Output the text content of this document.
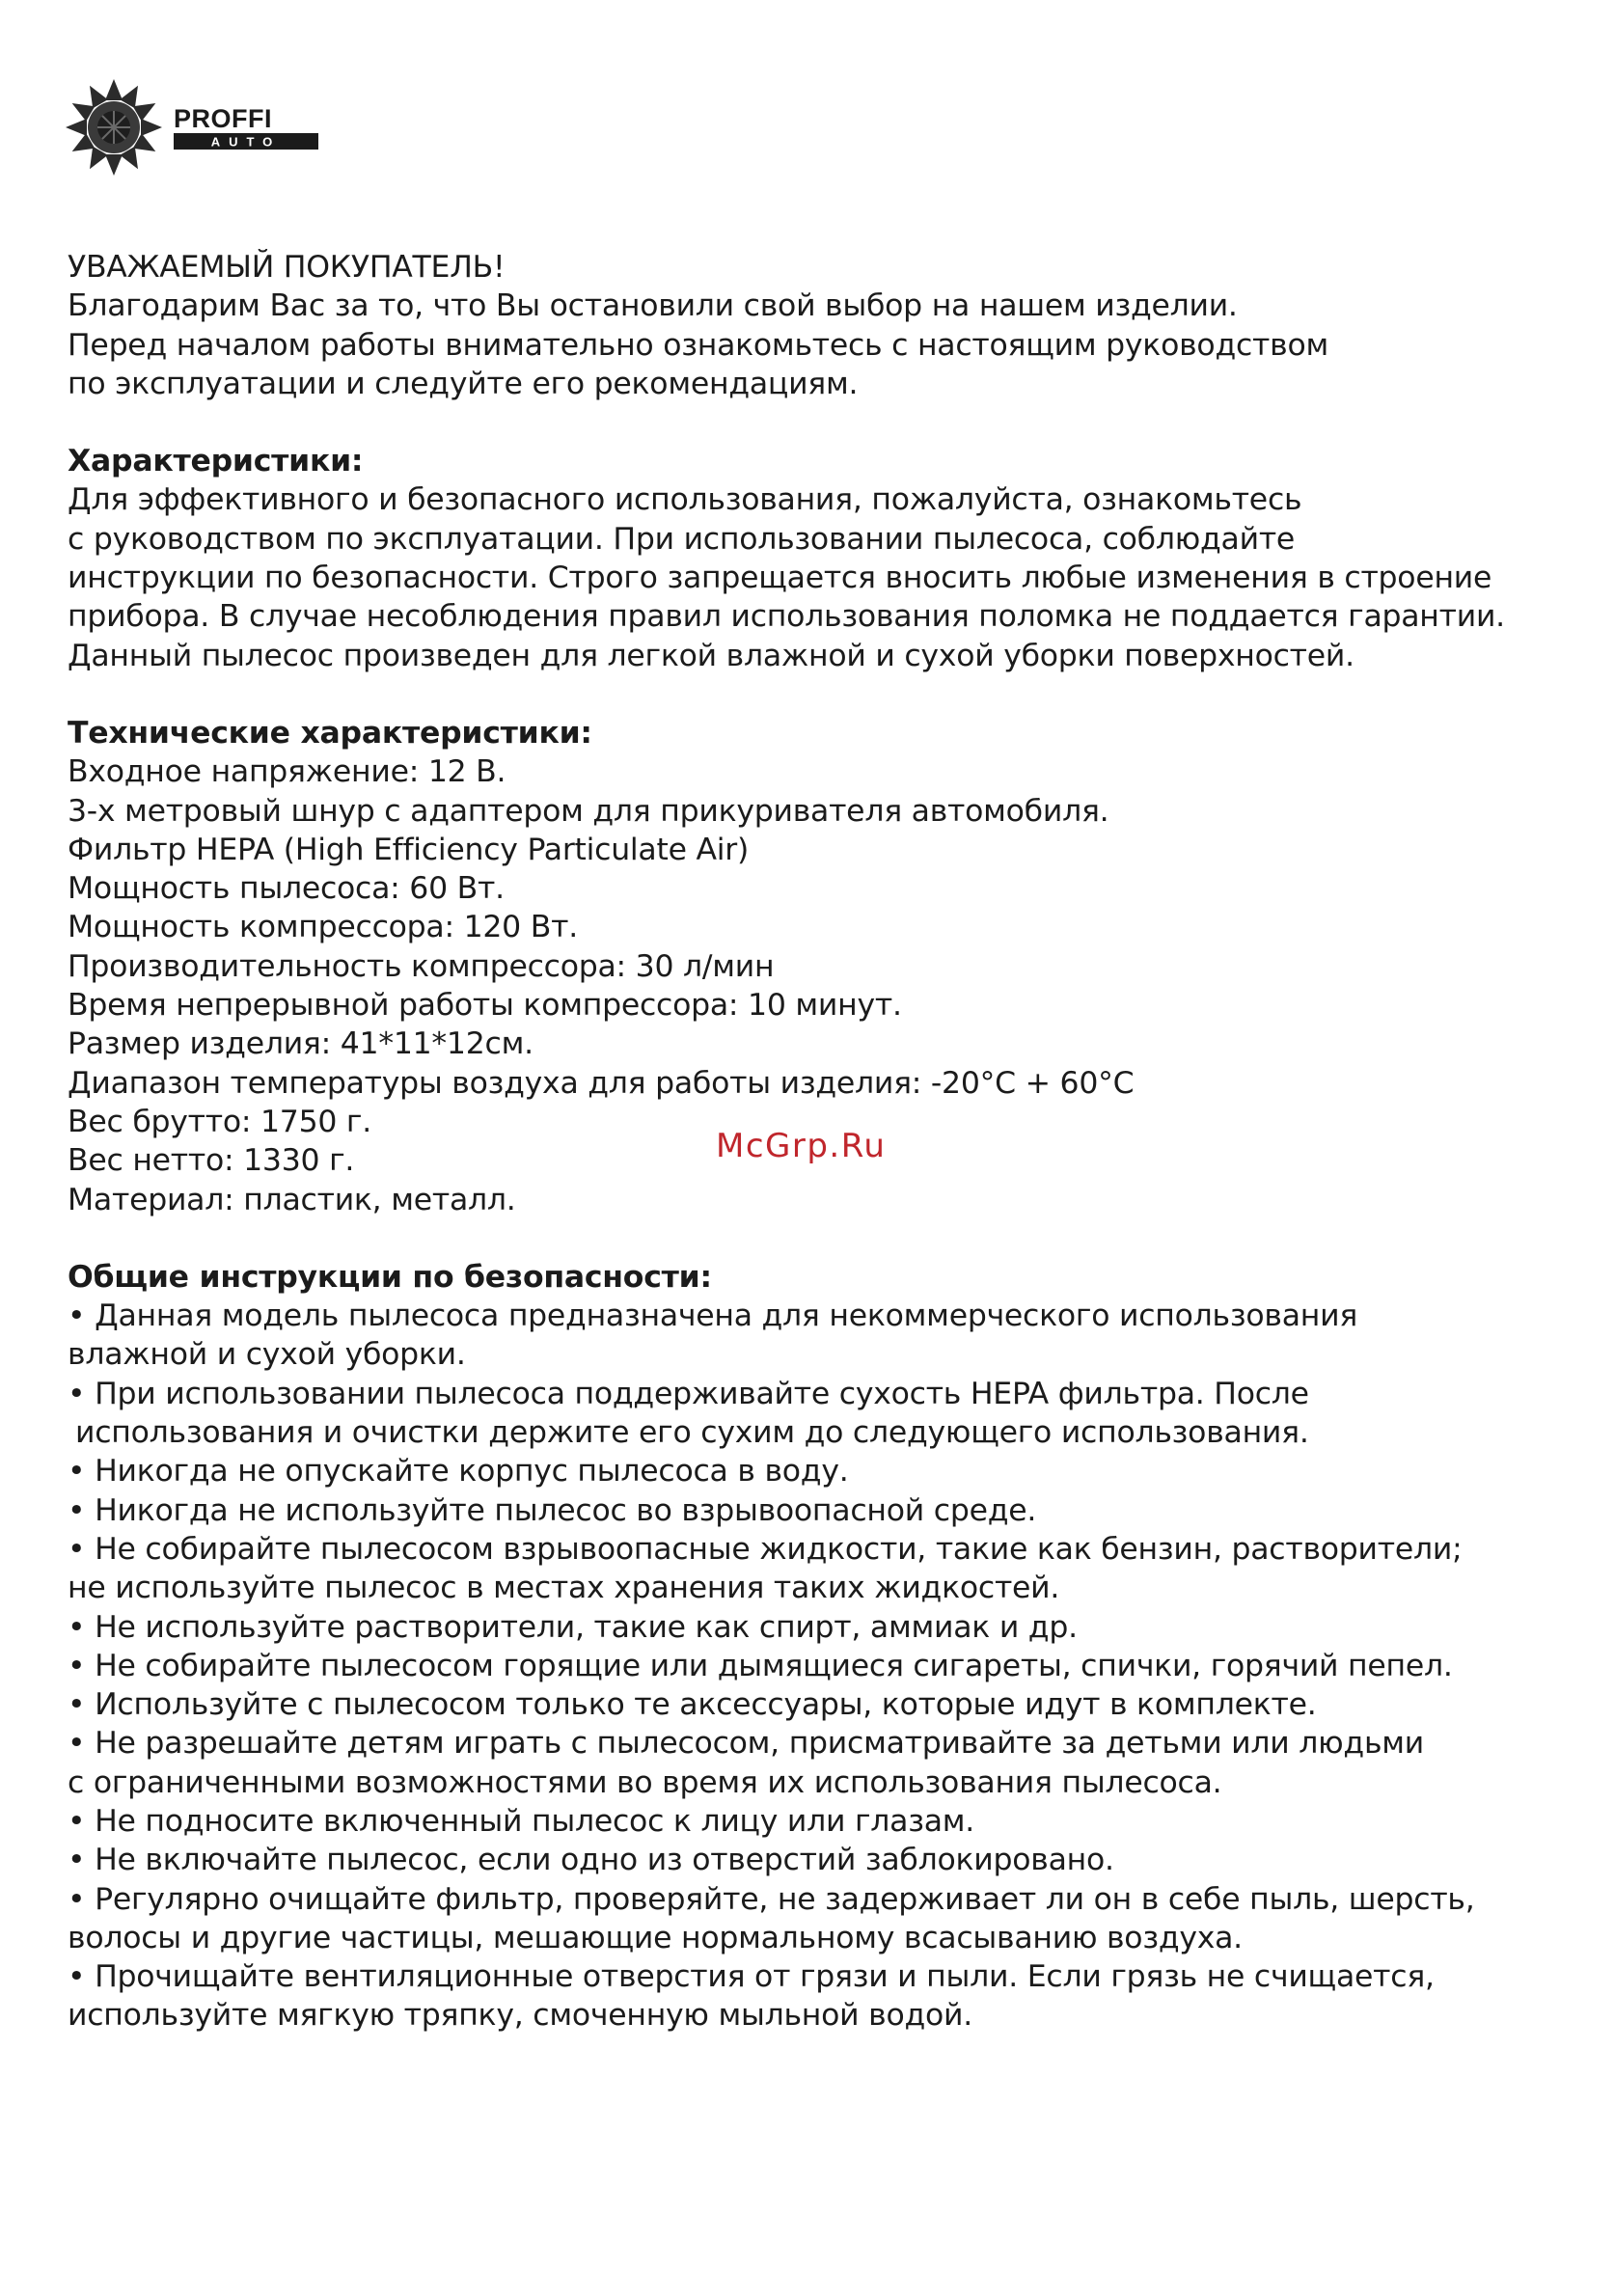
PROFFI
AUTO

УВАЖАЕМЫЙ ПОКУПАТЕЛЬ!

Благодарим Вас за то, что Вы остановили свой выбор на нашем изделии.

Перед началом работы внимательно ознакомьтесь с настоящим руководством

по эксплуатации и следуйте его рекомендациям.

Характеристики:

Для эффективного и безопасного использования, пожалуйста, ознакомьтесь

с руководством по эксплуатации. При использовании пылесоса, соблюдайте

инструкции по безопасности. Строго запрещается вносить любые изменения в строение

прибора. В случае несоблюдения правил использования поломка не поддается гарантии.

Данный пылесос произведен для легкой влажной и сухой уборки поверхностей.

Технические характеристики:

Входное напряжение: 12 В.

3-х метровый шнур с адаптером для прикуривателя автомобиля.

Фильтр HEPA (High Efficiency Particulate Air)

Мощность пылесоса: 60 Вт.

Мощность компрессора: 120 Вт.

Производительность компрессора: 30 л/мин

Время непрерывной работы компрессора: 10 минут.

Размер изделия: 41*11*12см.

Диапазон температуры воздуха для работы изделия: -20°С + 60°С

Вес брутто: 1750 г.

Вес нетто: 1330 г.

Материал: пластик, металл.

Общие инструкции по безопасности:

• Данная модель пылесоса предназначена для некоммерческого использования

влажной и сухой уборки.

• При использовании пылесоса поддерживайте сухость HEPA фильтра. После

использования и очистки держите его сухим до следующего использования.

• Никогда не опускайте корпус пылесоса в воду.

• Никогда не используйте пылесос во взрывоопасной среде.

• Не собирайте пылесосом взрывоопасные жидкости, такие как бензин, растворители;

не используйте пылесос в местах хранения таких жидкостей.

• Не используйте растворители, такие как спирт, аммиак и др.

• Не собирайте пылесосом горящие или дымящиеся сигареты, спички, горячий пепел.

• Используйте с пылесосом только те аксессуары, которые идут в комплекте.

• Не разрешайте детям играть с пылесосом, присматривайте за детьми или людьми

с ограниченными возможностями во время их использования пылесоса.

• Не подносите включенный пылесос к лицу или глазам.

• Не включайте пылесос, если одно из отверстий заблокировано.

• Регулярно очищайте фильтр, проверяйте, не задерживает ли он в себе пыль, шерсть,

волосы и другие частицы, мешающие нормальному всасыванию воздуха.

• Прочищайте вентиляционные отверстия от грязи и пыли. Если грязь не счищается,

используйте мягкую тряпку, смоченную мыльной водой.

McGrp.Ru
